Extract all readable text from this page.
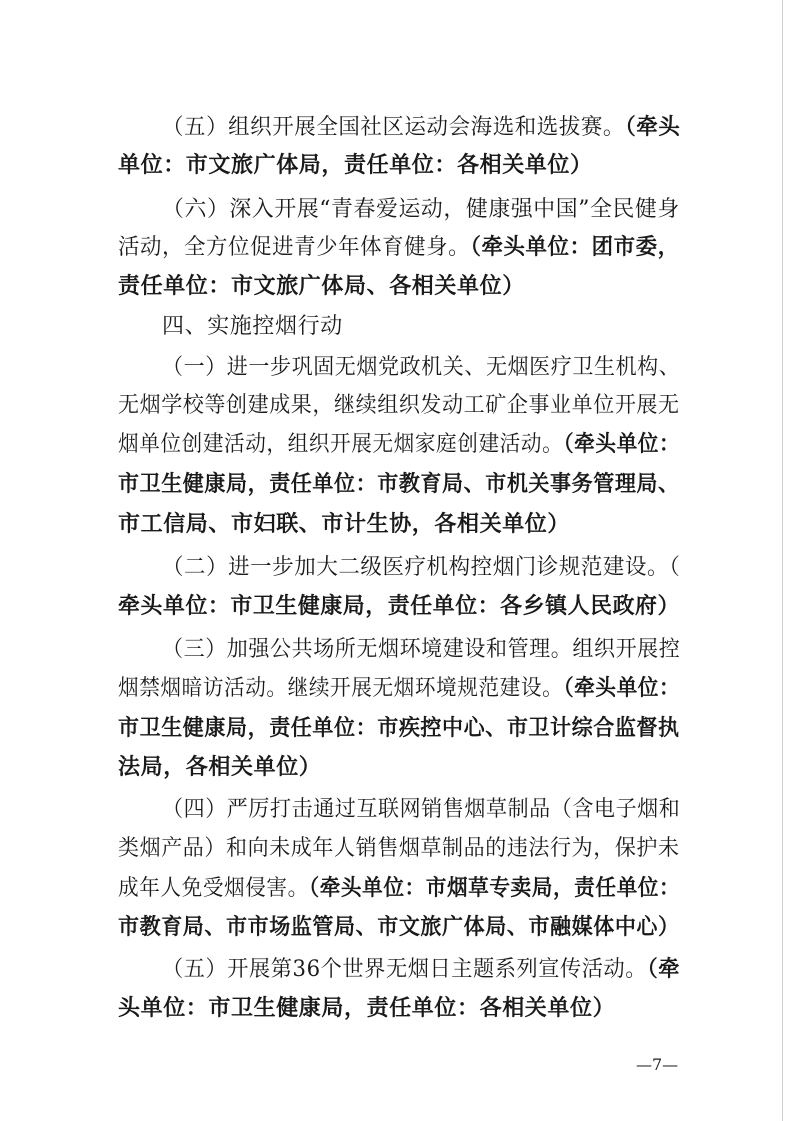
（五）组织开展全国社区运动会海选和选拔赛。（牵头
单位：市文旅广体局，责任单位：各相关单位）
（六）深入开展“青春爱运动，健康强中国”全民健身
活动，全方位促进青少年体育健身。（牵头单位：团市委，
责任单位：市文旅广体局、各相关单位）
四、实施控烟行动
（一）进一步巩固无烟党政机关、无烟医疗卫生机构、
无烟学校等创建成果，继续组织发动工矿企事业单位开展无
烟单位创建活动，组织开展无烟家庭创建活动。（牵头单位：
市卫生健康局，责任单位：市教育局、市机关事务管理局、
市工信局、市妇联、市计生协，各相关单位）
（二）进一步加大二级医疗机构控烟门诊规范建设。（
牵头单位：市卫生健康局，责任单位：各乡镇人民政府）
（三）加强公共场所无烟环境建设和管理。组织开展控
烟禁烟暗访活动。继续开展无烟环境规范建设。（牵头单位：
市卫生健康局，责任单位：市疾控中心、市卫计综合监督执
法局，各相关单位）
（四）严厉打击通过互联网销售烟草制品（含电子烟和
类烟产品）和向未成年人销售烟草制品的违法行为，保护未
成年人免受烟侵害。（牵头单位：市烟草专卖局，责任单位：
市教育局、市市场监管局、市文旅广体局、市融媒体中心）
（五）开展第36个世界无烟日主题系列宣传活动。（牵
头单位：市卫生健康局，责任单位：各相关单位）
—7—
